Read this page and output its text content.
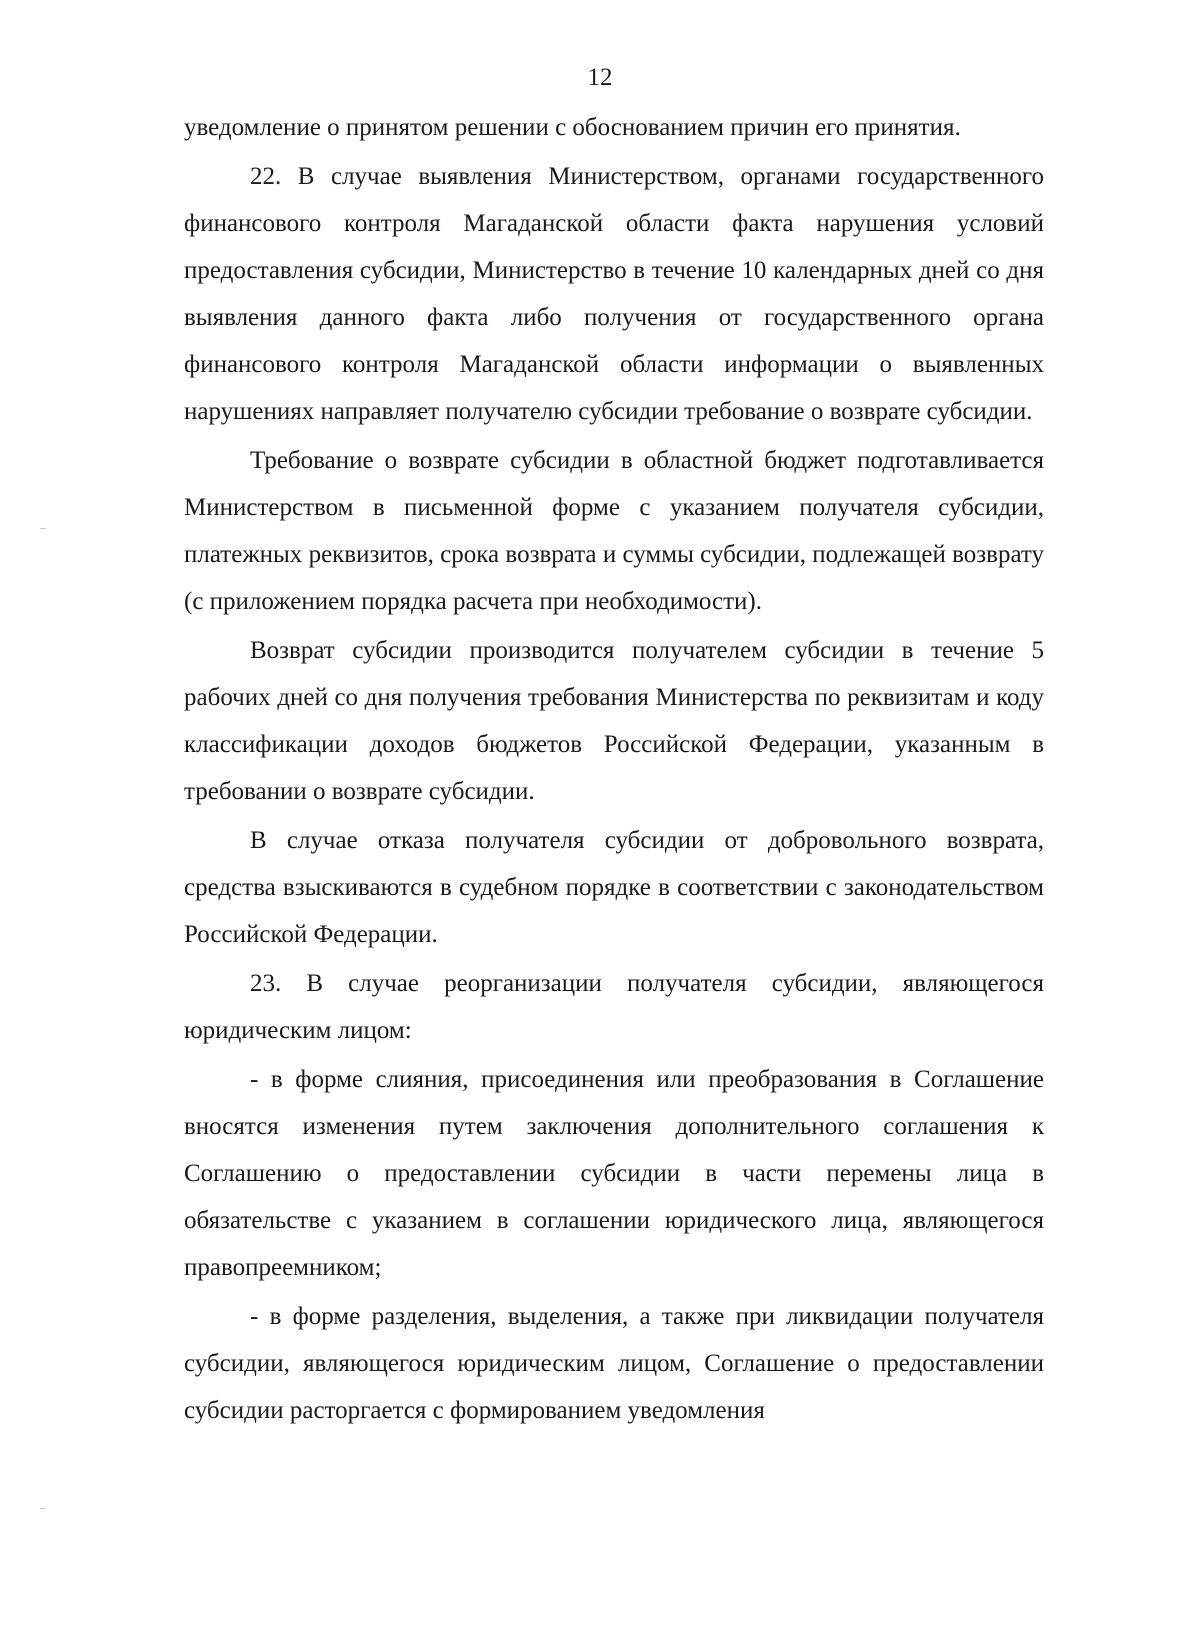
12

уведомление о принятом решении с обоснованием причин его принятия.

22. В случае выявления Министерством, органами государственного финансового контроля Магаданской области факта нарушения условий предоставления субсидии, Министерство в течение 10 календарных дней со дня выявления данного факта либо получения от государственного органа финансового контроля Магаданской области информации о выявленных нарушениях направляет получателю субсидии требование о возврате субсидии.

Требование о возврате субсидии в областной бюджет подготавливается Министерством в письменной форме с указанием получателя субсидии, платежных реквизитов, срока возврата и суммы субсидии, подлежащей возврату (с приложением порядка расчета при необходимости).

Возврат субсидии производится получателем субсидии в течение 5 рабочих дней со дня получения требования Министерства по реквизитам и коду классификации доходов бюджетов Российской Федерации, указанным в требовании о возврате субсидии.

В случае отказа получателя субсидии от добровольного возврата, средства взыскиваются в судебном порядке в соответствии с законодательством Российской Федерации.

23. В случае реорганизации получателя субсидии, являющегося юридическим лицом:

- в форме слияния, присоединения или преобразования в Соглашение вносятся изменения путем заключения дополнительного соглашения к Соглашению о предоставлении субсидии в части перемены лица в обязательстве с указанием в соглашении юридического лица, являющегося правопреемником;

- в форме разделения, выделения, а также при ликвидации получателя субсидии, являющегося юридическим лицом, Соглашение о предоставлении субсидии расторгается с формированием уведомления
